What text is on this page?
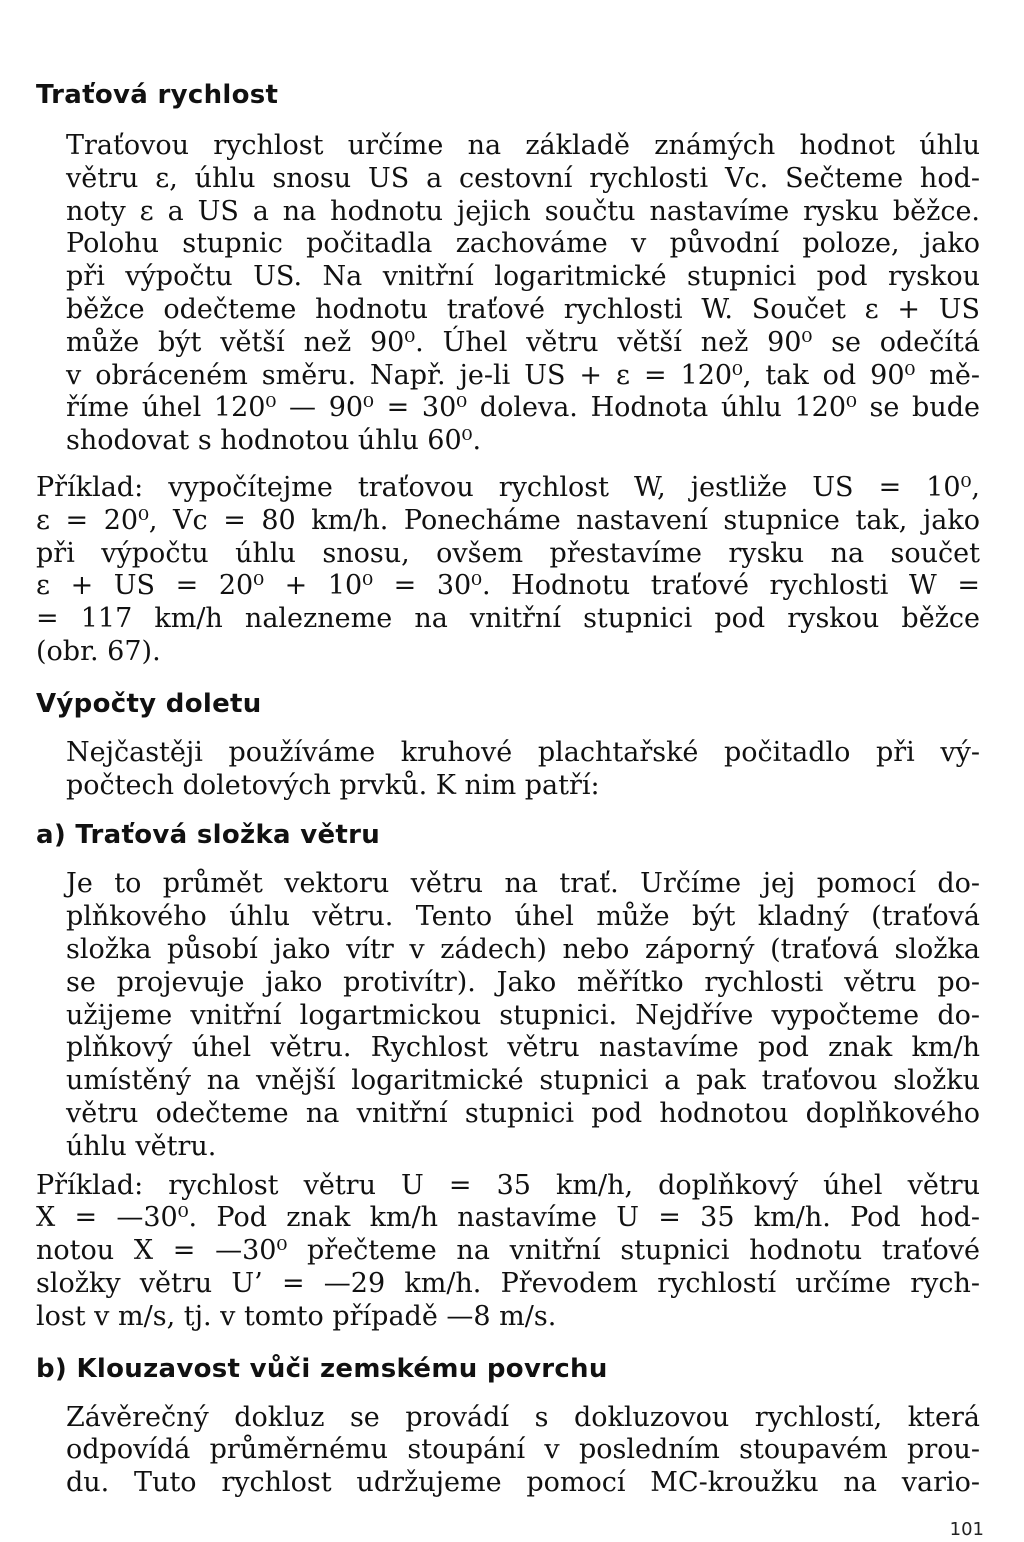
Traťová rychlost
Traťovou rychlost určíme na základě známých hodnot úhlu
větru ε, úhlu snosu US a cestovní rychlosti Vc. Sečteme hod-
noty ε a US a na hodnotu jejich součtu nastavíme rysku běžce.
Polohu stupnic počitadla zachováme v původní poloze, jako
při výpočtu US. Na vnitřní logaritmické stupnici pod ryskou
běžce odečteme hodnotu traťové rychlosti W. Součet ε + US
může být větší než 90⁰. Úhel větru větší než 90⁰ se odečítá
v obráceném směru. Např. je-li US + ε = 120⁰, tak od 90⁰ mě-
říme úhel 120⁰ — 90⁰ = 30⁰ doleva. Hodnota úhlu 120⁰ se bude
shodovat s hodnotou úhlu 60⁰.
Příklad: vypočítejme traťovou rychlost W, jestliže US = 10⁰,
ε = 20⁰, Vc = 80 km/h. Ponecháme nastavení stupnice tak, jako
při výpočtu úhlu snosu, ovšem přestavíme rysku na součet
ε + US = 20⁰ + 10⁰ = 30⁰. Hodnotu traťové rychlosti W =
= 117 km/h nalezneme na vnitřní stupnici pod ryskou běžce
(obr. 67).
Výpočty doletu
Nejčastěji používáme kruhové plachtařské počitadlo při vý-
počtech doletových prvků. K nim patří:
a) Traťová složka větru
Je to průmět vektoru větru na trať. Určíme jej pomocí do-
plňkového úhlu větru. Tento úhel může být kladný (traťová
složka působí jako vítr v zádech) nebo záporný (traťová složka
se projevuje jako protivítr). Jako měřítko rychlosti větru po-
užijeme vnitřní logartmickou stupnici. Nejdříve vypočteme do-
plňkový úhel větru. Rychlost větru nastavíme pod znak km/h
umístěný na vnější logaritmické stupnici a pak traťovou složku
větru odečteme na vnitřní stupnici pod hodnotou doplňkového
úhlu větru.
Příklad: rychlost větru U = 35 km/h, doplňkový úhel větru
X = —30⁰. Pod znak km/h nastavíme U = 35 km/h. Pod hod-
notou X = —30⁰ přečteme na vnitřní stupnici hodnotu traťové
složky větru U’ = —29 km/h. Převodem rychlostí určíme rych-
lost v m/s, tj. v tomto případě —8 m/s.
b) Klouzavost vůči zemskému povrchu
Závěrečný dokluz se provádí s dokluzovou rychlostí, která
odpovídá průměrnému stoupání v posledním stoupavém prou-
du. Tuto rychlost udržujeme pomocí MC-kroužku na vario-
101
